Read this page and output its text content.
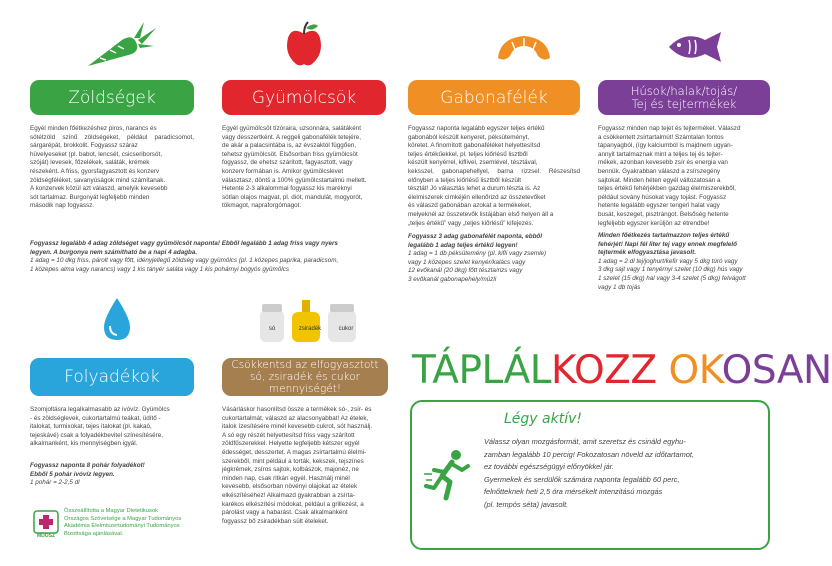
só	zsiradék	cukor
Zöldségek	Gyümölcsök	Gabonafélék	Húsok/halak/tojás/
Tej és tejtermékek
Folyadékok
Csökkentsd az elfogyasztott só, zsiradék és cukor mennyiségét!
Egyél minden főétkezéshez piros, narancs és
sötétzöld színű zöldségeket, például paradicsomot, sárgarépát, brokkolit. Fogyassz száraz
hüvelyeseket (pl. babot, lencsét, csicseriborsót,
szóját) levesek, főzelékek, saláták, krémek
részeként. A friss, gyorsfagyasztott és konzerv
zöldségféléket, savanyúságok mind számítanak.
A konzervek közül azt válaszd, amelyik kevesebb
sót tartalmaz. Burgonyát legfeljebb minden
második nap fogyassz.
Egyél gyümölcsöt tízóraira, uzsonnára, salátáként
vagy desszertként. A reggeli gabonafélék tetejére,
de akár a palacsintába is, az évszaktól függően,
tehetsz gyümölcsöt. Elsősorban friss gyümölcsöt
fogyassz, de ehetsz szárított, fagyasztott, vagy
konzerv formában is. Amikor gyümölcslevet
választasz, döntš a 100% gyümölcstartalmú mellett.
Hetente 2-3 alkalommal fogyassz kis maréknyi
sótlan olajos magvat, pl. diót, mandulát, mogyorót,
tökmagot, napraforgómagot.
Fogyassz legalább 4 adag zöldséget vagy gyümölcsöt naponta! Ebből legalább 1 adag friss vagy nyers
legyen. A burgonya nem számítható be a napi 4 adagba.
1 adag = 10 dkg friss, párolt vagy főtt, idényjellegű zöldség vagy gyümölcs (pl. 1 közepes paprika, paradicsom,
1 közepes alma vagy narancs) vagy 1 kis tányér saláta vagy 1 kis pohárnyi bogyós gyümölcs
Fogyassz naponta legalább egyszer teljes értékű
gabonából készült kenyeret, péksüteményt,
köretet. A finomított gabonaféléket helyettesítsd
teljes értékűekkel, pl. teljes kiőrlésű lisztből
készült kenyérrel, kiflivel, zsemlével, tésztával,
keksszel, gabonapehellyel, barna rizzsel. Részesítsd előnyben a teljes kiőrlésű lisztből készült
tésztát! Jó választás lehet a durum tészta is. Az
élelmiszerek címkéjén ellenőrizd az összetevőket
és válaszd gabonában azokat a termékeket,
melyeknél az összetevők listájában első helyen áll a
„teljes értékű” vagy „teljes kiőrlésű” kifejezés.
Fogyassz 3 adag gabonafélét naponta, ebből
legalább 1 adag teljes értékű legyen!
1 adag = 1 db péksütemény (pl. kifli vagy zsemle)
vagy 1 közepes szelet kenyér/kalács vagy
12 evőkanál (20 dkg) főtt tészta/rizs vagy
3 evőkanál gabonapehely/müzli
Fogyassz minden nap tejet és tejterméket. Válaszd
a csökkentett zsírtartalmút! Számtalan fontos
tápanyagból, (így kalciumból is majdnem ugyan-
annyit tartalmaznak mint a teljes tej és tejter-
mékek, azonban kevesebb zsír és energia van
bennük. Gyakrabban válaszd a zsírszegény
sajtokat. Minden héten egyél változatosan a
teljes értékű fehérjékben gazdag élelmiszerekből,
például sovány húsokat vagy tojást. Fogyassz
hetente legalább egyszer tengeri halat vagy
busát, keszeget, pisztrángot. Belsőség hetente
legfeljebb egyszer kerüljön az étrendbe!
Minden főétkezés tartalmazzon teljes értékű
fehérjét! Napi fél liter tej vagy ennek megfelelő
tejtermék elfogyasztása javasolt.
1 adag = 2 dl tej/joghurt/kefir vagy 5 dkg túró vagy
3 dkg sajt vagy 1 tenyérnyi szelet (10 dkg) hús vagy
1 szelet (15 dkg) hal vagy 3-4 szelet (5 dkg) felvágott
vagy 1 db tojás
Szomjoltásra legalkalmasabb az ivóvíz. Gyümölcs
- és zöldséglevek, cukortartalmú teákat, üdítő -
italokat, turmixokat, tejes italokat (pl. kakaó,
tejeskávé) csak a folyadékbevitel színesítésére,
alkalmanként, kis mennyiségben igyál.
Fogyassz naponta 8 pohár folyadékot!
Ebből 5 pohár ivóvíz legyen.
1 pohár = 2-2,5 dl
Vásárláskor hasonlítsd össze a termékek só-, zsír- és
cukortartalmát, válaszd az alacsonyabbat! Az ételek,
italok ízesítésére minél kevesebb cukrot, sót használj.
A só egy részét helyettesítsd friss vagy szárított
zöldfűszerekkel. Helyette legfeljebb kétszer egyél
édességet, desszertet. A magas zsírtartalmú élelmi-
szerekből, mint például a torták, kekszek, tejszínes
jégkrémek, zsíros sajtok, kolbászok, majonéz, ne
minden nap, csak ritkán egyél. Használj minél
kevesebb, elsősorban növényi olajokat az ételek
elkészítéséhez! Alkalmazd gyakrabban a zsírta-
karékos elkészítési módokat, például a grillezést, a
párolást vagy a habarást. Csak alkalmanként
fogyassz bő zsiradékban sült ételeket.
MDOSZ
Összeállította a Magyar Dietetikusok
Országos Szövetsége a Magyar Tudományos
Akadémia Élelmiszertudományi Tudományos
Bizottsága ajánlásával.
TÁPLÁLKOZZ OKOSAN
Légy aktív!
Válassz olyan mozgásformát, amit szeretsz és csináld egyhu-
zamban legalább 10 percig! Fokozatosan növeld az időtartamot,
ez további egészségügyi előnyökkel jár.
Gyermekek és serdülők számára naponta legalább 60 perc,
felnőtteknek heti 2,5 óra mérsékelt intenzitású mozgás
(pl. tempós séta) javasolt.
